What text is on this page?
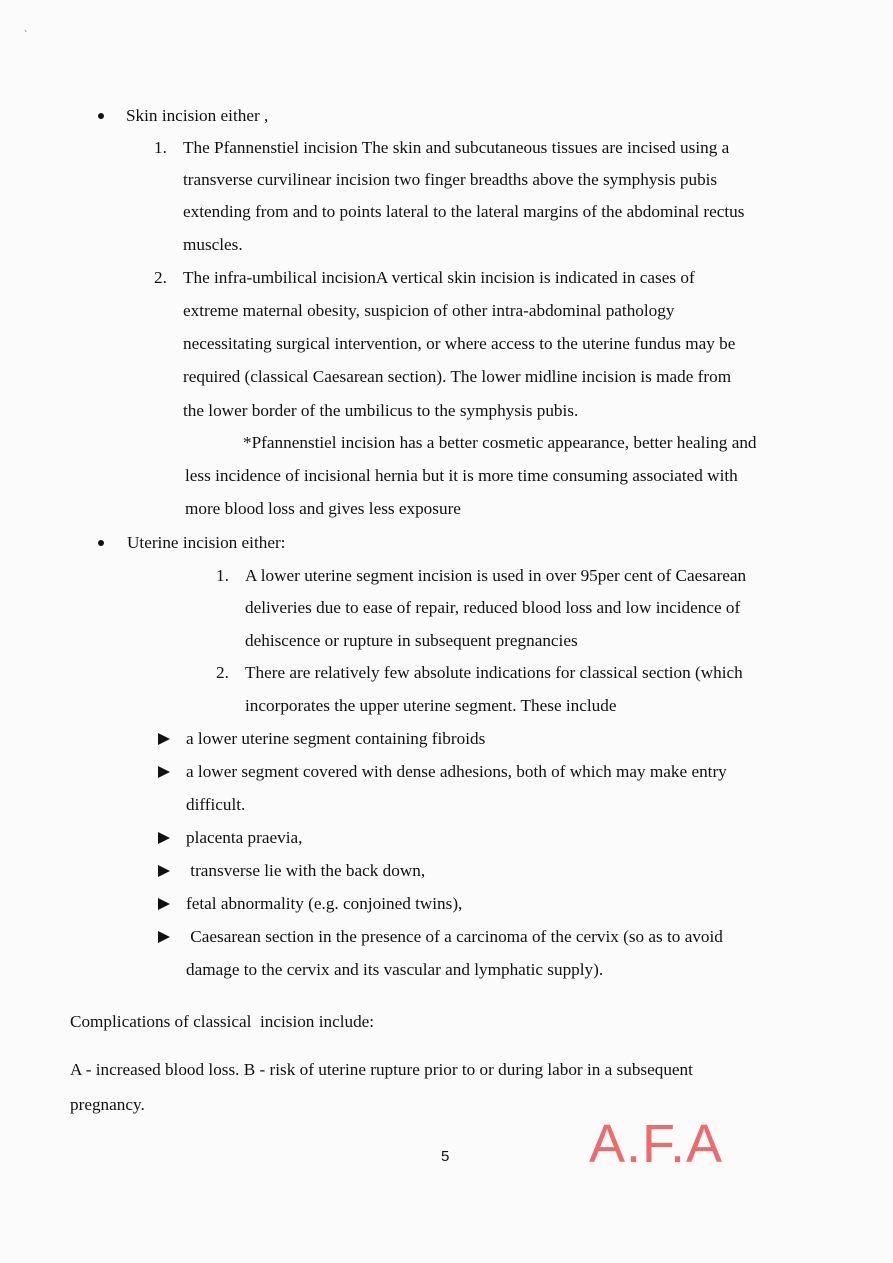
`
Skin incision either ,
1. The Pfannenstiel incision The skin and subcutaneous tissues are incised using a
transverse curvilinear incision two finger breadths above the symphysis pubis
extending from and to points lateral to the lateral margins of the abdominal rectus
muscles.
2. The infra-umbilical incisionA vertical skin incision is indicated in cases of
extreme maternal obesity, suspicion of other intra-abdominal pathology
necessitating surgical intervention, or where access to the uterine fundus may be
required (classical Caesarean section). The lower midline incision is made from
the lower border of the umbilicus to the symphysis pubis.
*Pfannenstiel incision has a better cosmetic appearance, better healing and
less incidence of incisional hernia but it is more time consuming associated with
more blood loss and gives less exposure
Uterine incision either:
1. A lower uterine segment incision is used in over 95per cent of Caesarean
deliveries due to ease of repair, reduced blood loss and low incidence of
dehiscence or rupture in subsequent pregnancies
2. There are relatively few absolute indications for classical section (which
incorporates the upper uterine segment. These include
a lower uterine segment containing fibroids
a lower segment covered with dense adhesions, both of which may make entry
difficult.
placenta praevia,
transverse lie with the back down,
fetal abnormality (e.g. conjoined twins),
Caesarean section in the presence of a carcinoma of the cervix (so as to avoid
damage to the cervix and its vascular and lymphatic supply).
Complications of classical  incision include:
A - increased blood loss. B - risk of uterine rupture prior to or during labor in a subsequent
pregnancy.
5	A.F.A
